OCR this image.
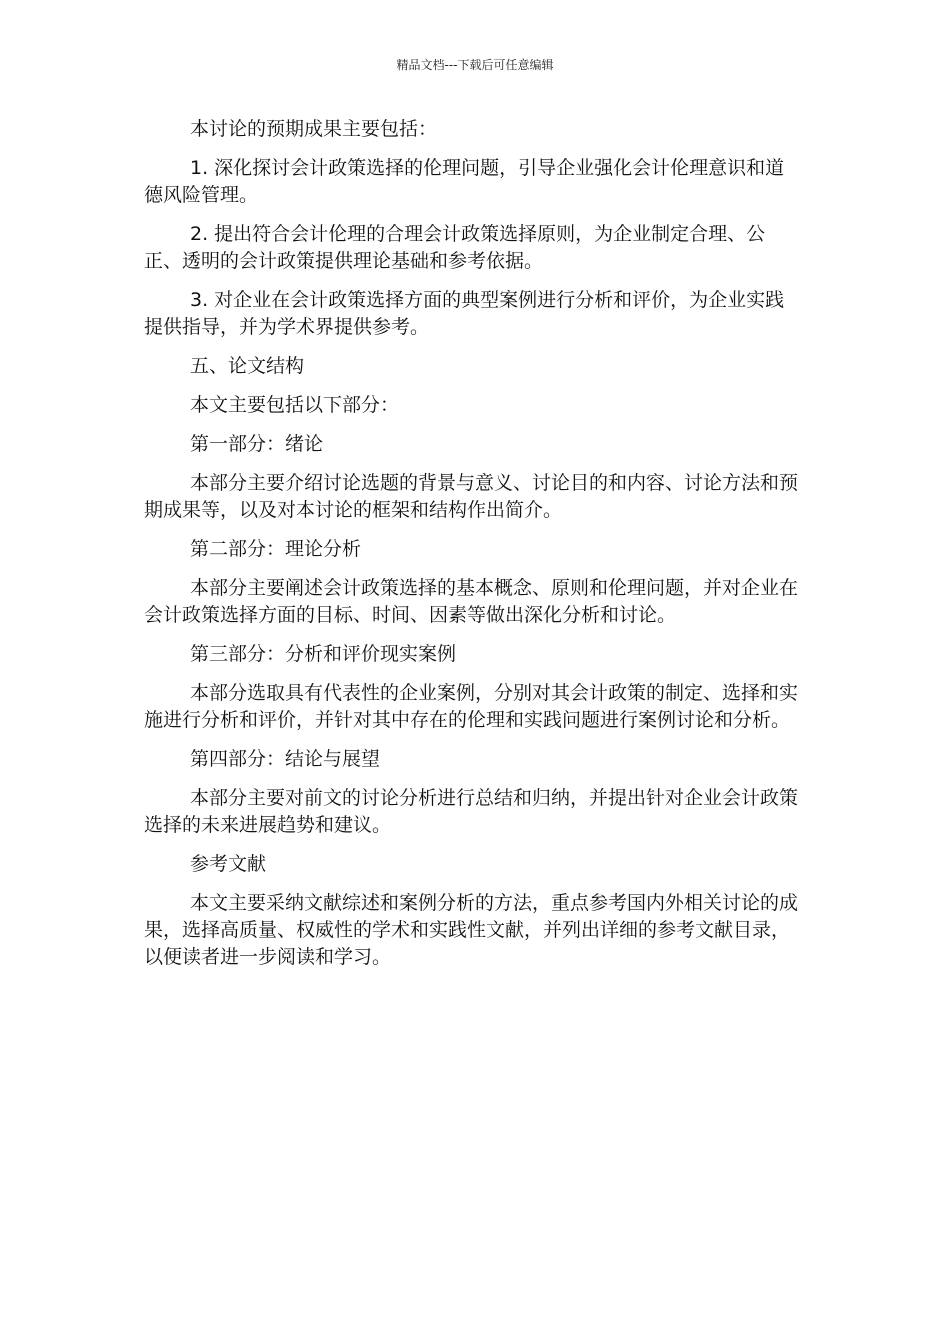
精品文档---下载后可任意编辑

本讨论的预期成果主要包括：

1. 深化探讨会计政策选择的伦理问题，引导企业强化会计伦理意识和道德风险管理。

2. 提出符合会计伦理的合理会计政策选择原则，为企业制定合理、公正、透明的会计政策提供理论基础和参考依据。

3. 对企业在会计政策选择方面的典型案例进行分析和评价，为企业实践提供指导，并为学术界提供参考。

五、论文结构

本文主要包括以下部分：

第一部分：绪论

本部分主要介绍讨论选题的背景与意义、讨论目的和内容、讨论方法和预期成果等，以及对本讨论的框架和结构作出简介。

第二部分：理论分析

本部分主要阐述会计政策选择的基本概念、原则和伦理问题，并对企业在会计政策选择方面的目标、时间、因素等做出深化分析和讨论。

第三部分：分析和评价现实案例

本部分选取具有代表性的企业案例，分别对其会计政策的制定、选择和实施进行分析和评价，并针对其中存在的伦理和实践问题进行案例讨论和分析。

第四部分：结论与展望

本部分主要对前文的讨论分析进行总结和归纳，并提出针对企业会计政策选择的未来进展趋势和建议。

参考文献

本文主要采纳文献综述和案例分析的方法，重点参考国内外相关讨论的成果，选择高质量、权威性的学术和实践性文献，并列出详细的参考文献目录，以便读者进一步阅读和学习。
